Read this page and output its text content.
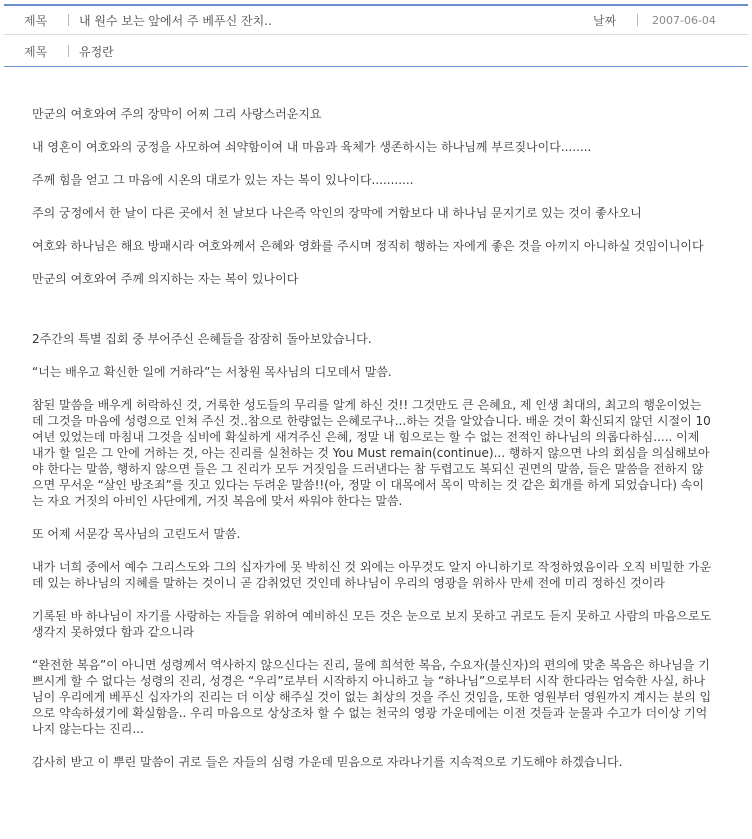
제목	내 원수 보는 앞에서 주 베푸신 잔치..	날짜	2007-06-04
제목	유정란

만군의 여호와여 주의 장막이 어찌 그리 사랑스러운지요

내 영혼이 여호와의 궁정을 사모하여 쇠약함이여 내 마음과 육체가 생존하시는 하나님께 부르짖나이다........

주께 힘을 얻고 그 마음에 시온의 대로가 있는 자는 복이 있나이다...........

주의 궁정에서 한 날이 다른 곳에서 천 날보다 나은즉 악인의 장막에 거함보다 내 하나님 문지기로 있는 것이 좋사오니

여호와 하나님은 해요 방패시라 여호와께서 은혜와 영화를 주시며 정직히 행하는 자에게 좋은 것을 아끼지 아니하실 것임이니이다

만군의 여호와여 주께 의지하는 자는 복이 있나이다

2주간의 특별 집회 중 부어주신 은혜들을 잠잠히 돌아보았습니다.

“너는 배우고 확신한 일에 거하라”는 서창원 목사님의 디모데서 말씀.

참된 말씀을 배우게 허락하신 것, 거룩한 성도들의 무리를 알게 하신 것!! 그것만도 큰 은혜요, 제 인생 최대의, 최고의 행운이었는데 그것을 마음에 성령으로 인쳐 주신 것..참으로 한량없는 은혜로구나...하는 것을 알았습니다. 배운 것이 확신되지 않던 시절이 10여년 있었는데 마침내 그것을 심비에 확실하게 새겨주신 은혜, 정말 내 힘으로는 할 수 없는 전적인 하나님의 의롭다하심..... 이제 내가 할 일은 그 안에 거하는 것, 아는 진리를 실천하는 것 You Must remain(continue)... 행하지 않으면 나의 회심을 의심해보아야 한다는 말씀, 행하지 않으면 들은 그 진리가 모두 거짓임을 드러낸다는 참 두렵고도 복되신 권면의 말씀, 들은 말씀을 전하지 않으면 무서운 “살인 방조죄”를 짓고 있다는 두려운 말씀!!(아, 정말 이 대목에서 목이 막히는 것 같은 회개를 하게 되었습니다) 속이는 자요 거짓의 아비인 사단에게, 거짓 복음에 맞서 싸워야 한다는 말씀.

또 어제 서문강 목사님의 고린도서 말씀.

내가 너희 중에서 예수 그리스도와 그의 십자가에 못 박히신 것 외에는 아무것도 알지 아니하기로 작정하였음이라 오직 비밀한 가운데 있는 하나님의 지혜를 말하는 것이니 곧 감취었던 것인데 하나님이 우리의 영광을 위하사 만세 전에 미리 정하신 것이라

기록된 바 하나님이 자기를 사랑하는 자들을 위하여 예비하신 모든 것은 눈으로 보지 못하고 귀로도 듣지 못하고 사람의 마음으로도 생각지 못하였다 함과 같으니라

“완전한 복음”이 아니면 성령께서 역사하지 않으신다는 진리, 물에 희석한 복음, 수요자(불신자)의 편의에 맞춘 복음은 하나님을 기쁘시게 할 수 없다는 성령의 진리, 성경은 “우리”로부터 시작하지 아니하고 늘 “하나님”으로부터 시작 한다라는 엄숙한 사실, 하나님이 우리에게 베푸신 십자가의 진리는 더 이상 해주실 것이 없는 최상의 것을 주신 것임을, 또한 영원부터 영원까지 계시는 분의 입으로 약속하셨기에 확실함을.. 우리 마음으로 상상조차 할 수 없는 천국의 영광 가운데에는 이전 것들과 눈물과 수고가 더이상 기억나지 않는다는 진리...

감사히 받고 이 뿌린 말씀이 귀로 들은 자들의 심령 가운데 믿음으로 자라나기를 지속적으로 기도해야 하겠습니다.
